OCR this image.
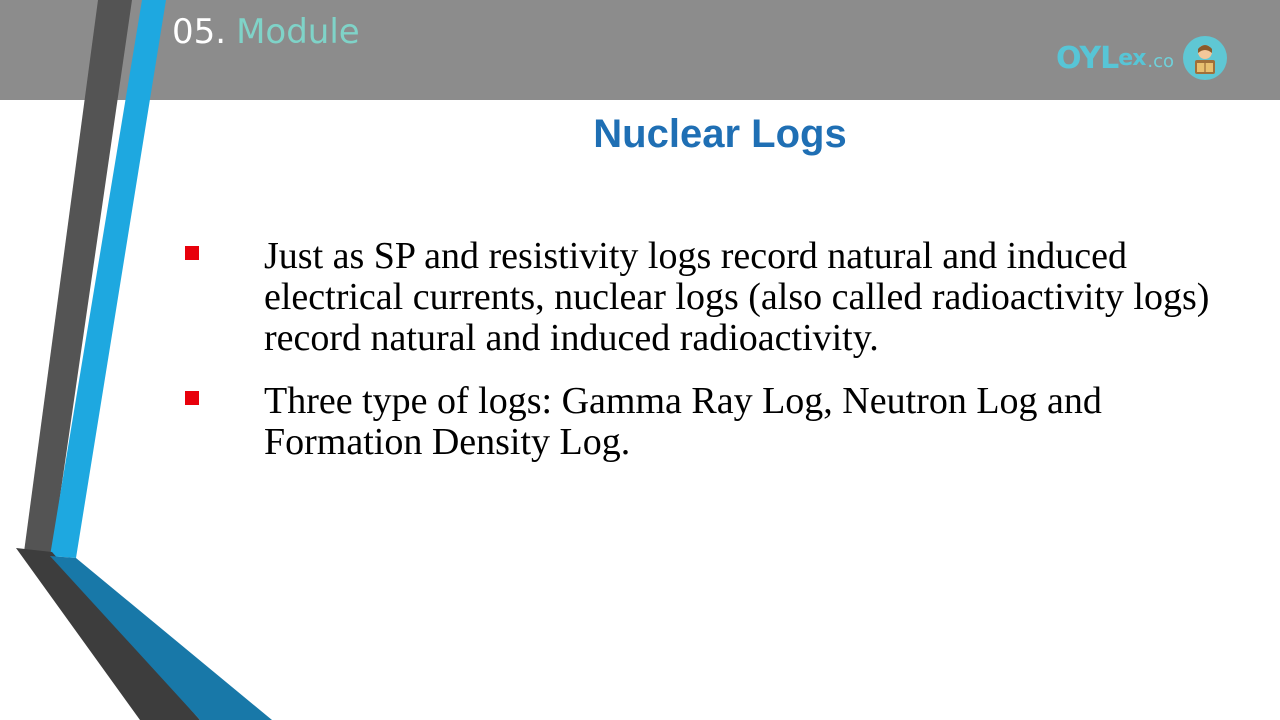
05. Module
OYL ex .co
Nuclear Logs
Just as SP and resistivity logs record natural and induced electrical currents, nuclear logs (also called radioactivity logs) record natural and induced radioactivity.
Three type of logs: Gamma Ray Log, Neutron Log and Formation Density Log.
